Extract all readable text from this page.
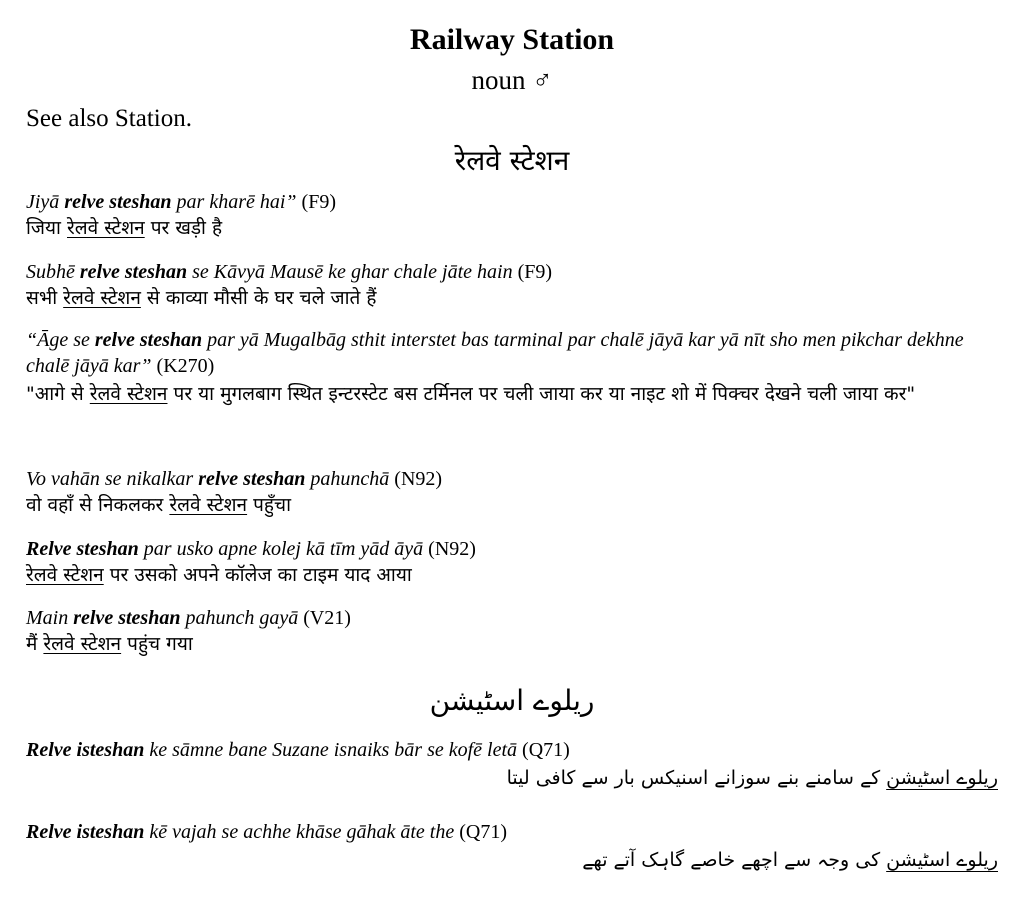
Railway Station
noun ♂
See also Station.
रेलवे स्टेशन
Jiyā relve steshan par kharē hai” (F9)
जिया रेलवे स्टेशन पर खड़ी है
Subhē relve steshan se Kāvyā Mausē ke ghar chale jāte hain (F9)
सभी रेलवे स्टेशन से काव्या मौसी के घर चले जाते हैं
“Āge se relve steshan par yā Mugalbāg sthit interstet bas tarminal par chalē jāyā kar yā nīt sho men pikchar dekhne chalē jāyā kar” (K270)
"आगे से रेलवे स्टेशन पर या मुगलबाग स्थित इन्टरस्टेट बस टर्मिनल पर चली जाया कर या नाइट शो में पिक्चर देखने चली जाया कर"
Vo vahān se nikalkar relve steshan pahunchā (N92)
वो वहाँ से निकलकर रेलवे स्टेशन पहुँचा
Relve steshan par usko apne kolej kā tīm yād āyā (N92)
रेलवे स्टेशन पर उसको अपने कॉलेज का टाइम याद आया
Main relve steshan pahunch gayā (V21)
मैं रेलवे स्टेशन पहुंच गया
ریلوے اسٹیشن
Relve isteshan ke sāmne bane Suzane isnaiks bār se kofē letā (Q71)
ریلوے اسٹیشن کے سامنے بنے سوزانے اسنیکس بار سے کافی لیتا
Relve isteshan kē vajah se achhe khāse gāhak āte the (Q71)
ریلوے اسٹیشن کی وجہ سے اچھے خاصے گاہک آتے تھے
